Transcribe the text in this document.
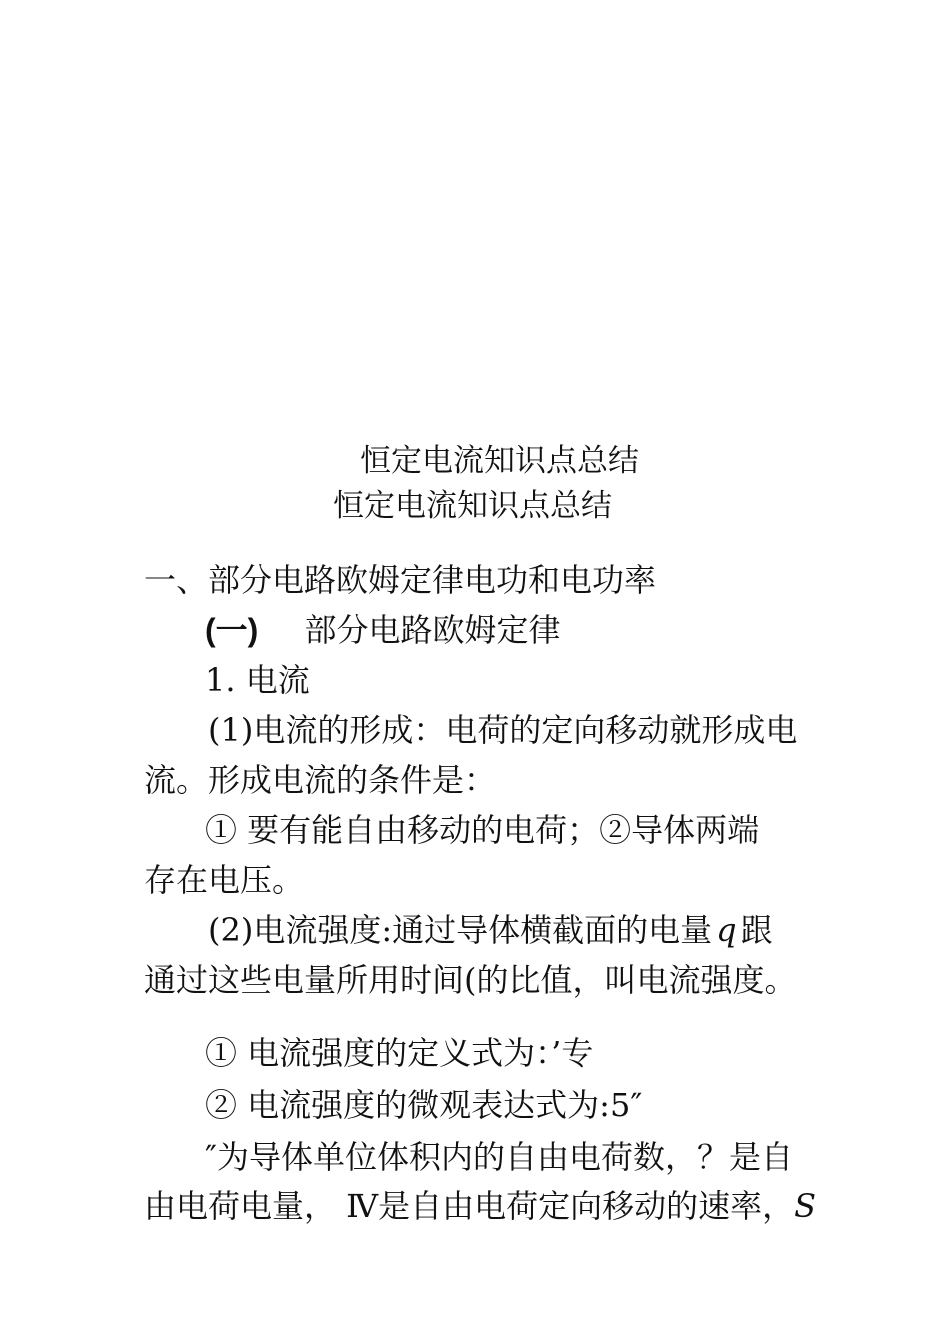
恒定电流知识点总结
恒定电流知识点总结
一、部分电路欧姆定律电功和电功率
(一) 部分电路欧姆定律
1. 电流
(1)电流的形成：电荷的定向移动就形成电
流。形成电流的条件是：
① 要有能自由移动的电荷；②导体两端
存在电压。
(2)电流强度:通过导体横截面的电量 q 跟
通过这些电量所用时间(的比值，叫电流强度。
① 电流强度的定义式为：’专
② 电流强度的微观表达式为:5″
″为导体单位体积内的自由电荷数，？是自
由电荷电量， Ⅳ是自由电荷定向移动的速率，S
